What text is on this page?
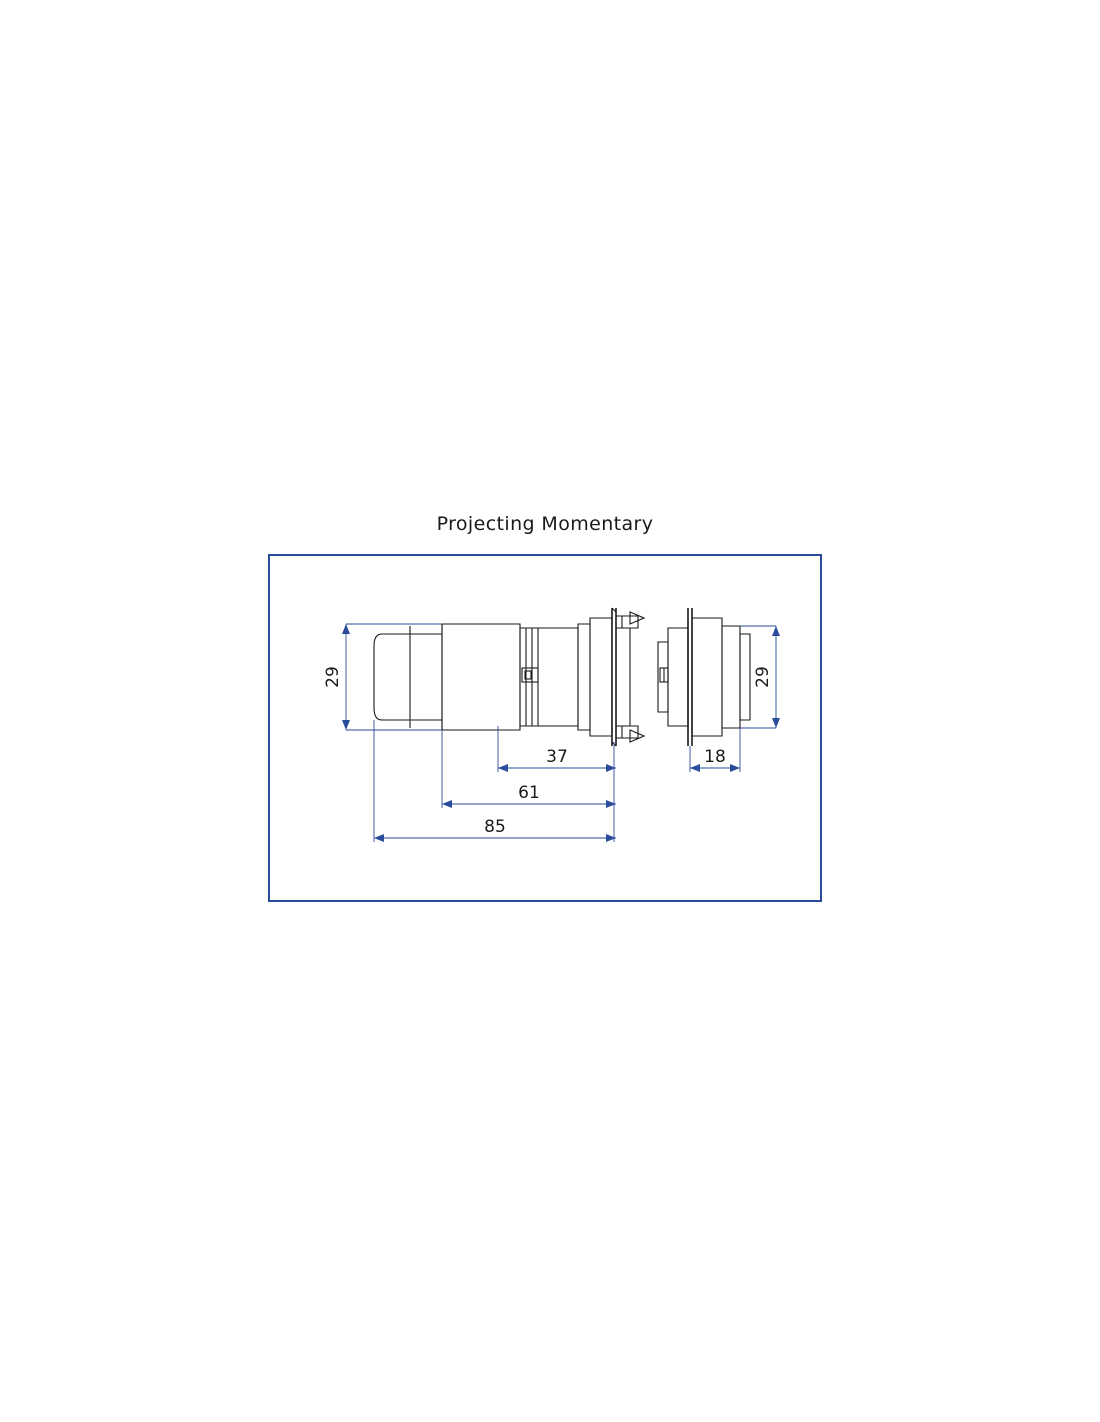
Projecting Momentary
29	29
37
61
85
18
